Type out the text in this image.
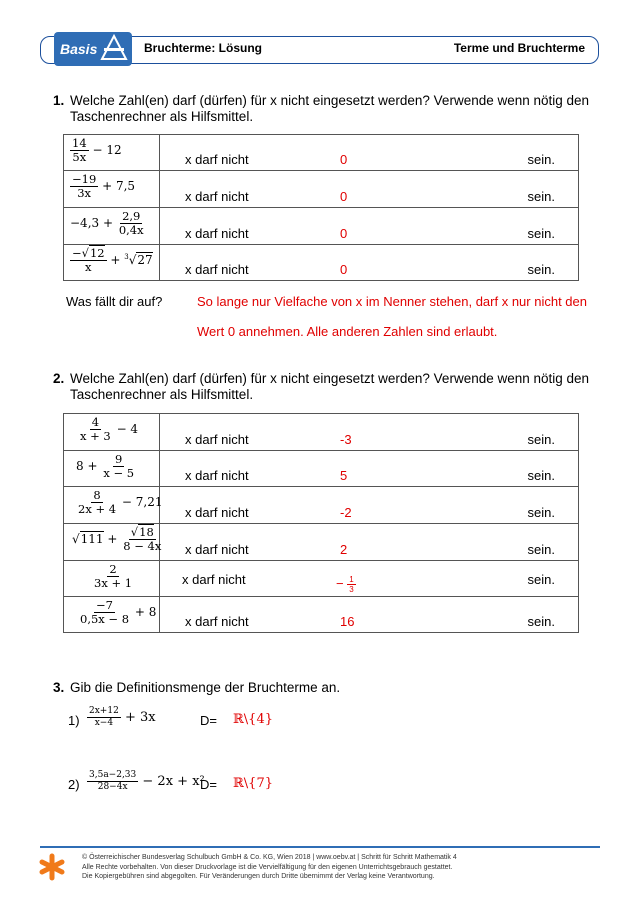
Basis	Bruchterme: Lösung	Terme und Bruchterme
1. Welche Zahl(en) darf (dürfen) für x nicht eingesetzt werden? Verwende wenn nötig den Taschenrechner als Hilfsmittel.
$\frac{14}{5x} - 12$	x darf nicht 0 sein.

$\frac{-19}{3x} + 7,5$	x darf nicht 0 sein.

$-4,3 + \frac{2,9}{0,4x}$	x darf nicht 0 sein.

$\frac{-√12}{x} + ^3√27$	x darf nicht 0 sein.
Was fällt dir auf?	So lange nur Vielfache von x im Nenner stehen, darf x nur nicht den
Wert 0 annehmen. Alle anderen Zahlen sind erlaubt.
2. Welche Zahl(en) darf (dürfen) für x nicht eingesetzt werden? Verwende wenn nötig den Taschenrechner als Hilfsmittel.
$\frac{4}{x + 3} - 4$	x darf nicht -3 sein.

$8 + \frac{9}{x - 5}$	x darf nicht 5 sein.

$\frac{8}{2x + 4} - 7,21$	x darf nicht -2 sein.

$√111 + \frac{√18}{8 - 4x}$	x darf nicht 2 sein.

$\frac{2}{3x + 1}$	x darf nicht − $\frac{1}{3}$ sein.

$\frac{-7}{0,5x - 8} + 8$	x darf nicht 16 sein.
3. Gib die Definitionsmenge der Bruchterme an.
$1) \frac{2x+12}{x-4} + 3x$	D= ℝ\{4}
$2) \frac{3,5a-2,33}{28-4x} - 2x + x^2$
D= ℝ\{7}
© Österreichischer Bundesverlag Schulbuch GmbH & Co. KG, Wien 2018 | www.oebv.at | Schritt für Schritt Mathematik 4
Alle Rechte vorbehalten. Von dieser Druckvorlage ist die Vervielfältigung für den eigenen Unterrichtsgebrauch gestattet.
Die Kopiergebühren sind abgegolten. Für Veränderungen durch Dritte übernimmt der Verlag keine Verantwortung.
